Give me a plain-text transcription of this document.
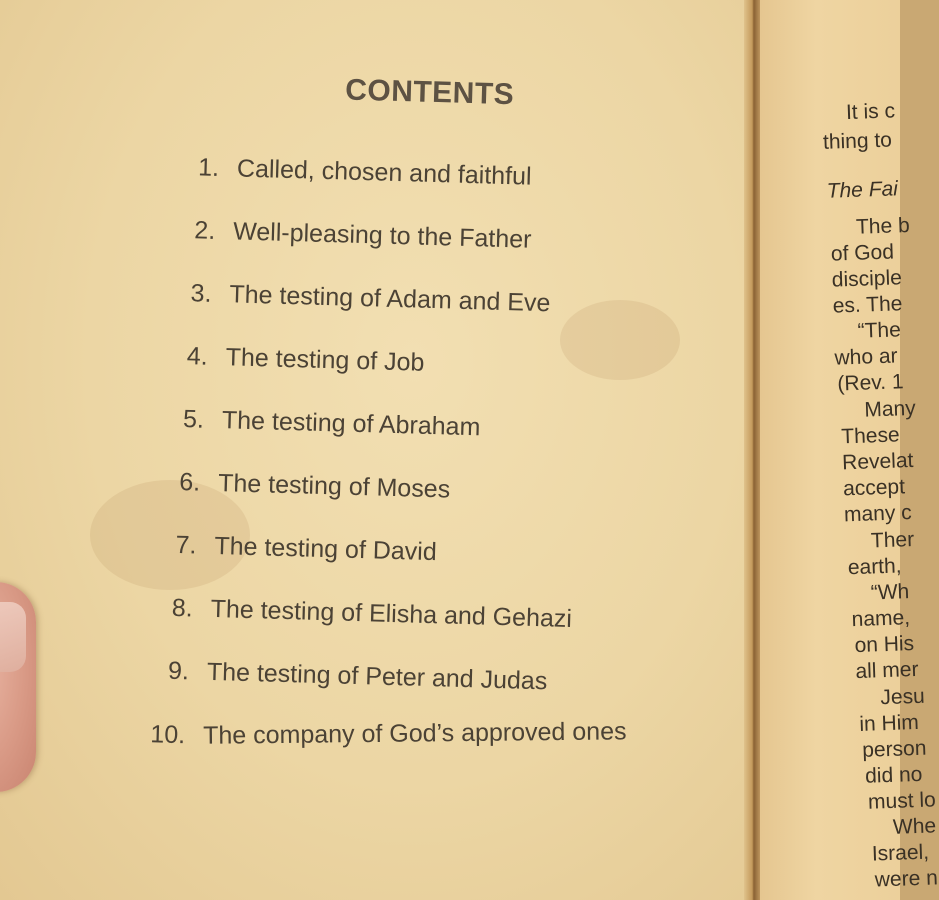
CONTENTS
1. Called, chosen and faithful
2. Well-pleasing to the Father
3. The testing of Adam and Eve
4. The testing of Job
5. The testing of Abraham
6. The testing of Moses
7. The testing of David
8. The testing of Elisha and Gehazi
9. The testing of Peter and Judas
10. The company of God’s approved ones
It is c
thing to
The Fai
The b
of God
disciple
es. The
“The
who ar
(Rev. 1
Many
These
Revelat
accept
many c
Ther
earth,
“Wh
name,
on His
all mer
Jesu
in Him
person
did no
must lo
Whe
Israel,
were n
